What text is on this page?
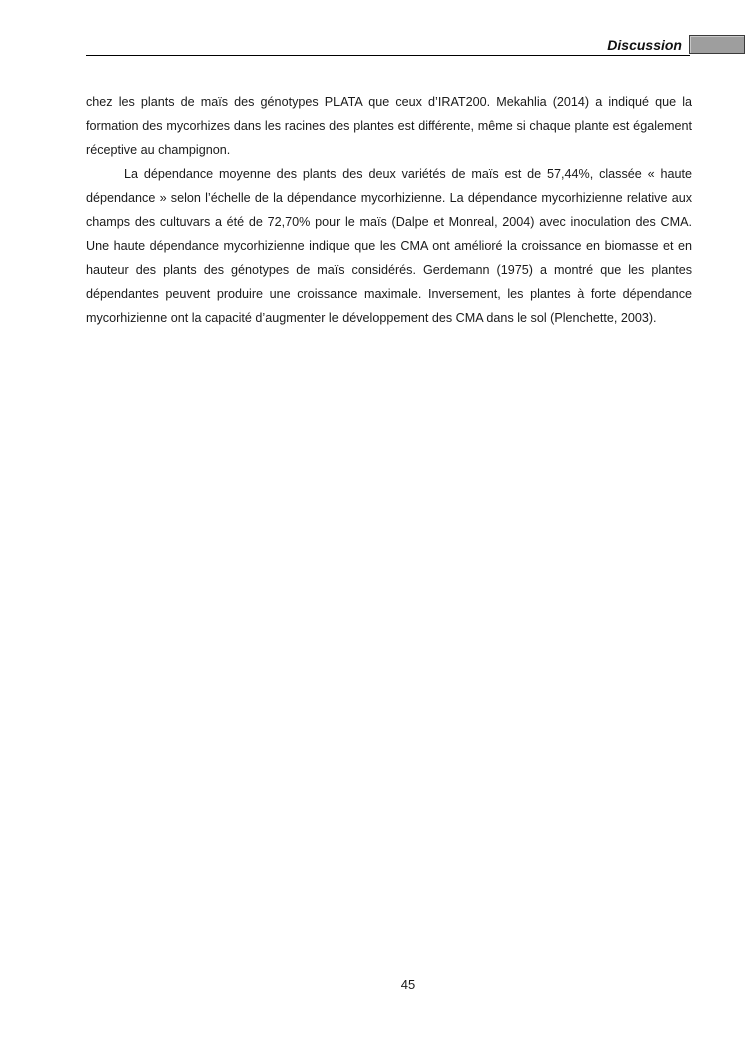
Discussion

chez les plants de maïs des génotypes PLATA que ceux d’IRAT200. Mekahlia (2014) a indiqué que la formation des mycorhizes dans les racines des plantes est différente, même si chaque plante est également réceptive au champignon.

La dépendance moyenne des plants des deux variétés de maïs est de 57,44%, classée « haute dépendance » selon l’échelle de la dépendance mycorhizienne. La dépendance mycorhizienne relative aux champs des cultuvars a été de 72,70% pour le maïs (Dalpe et Monreal, 2004) avec inoculation des CMA. Une haute dépendance mycorhizienne indique que les CMA ont amélioré la croissance en biomasse et en hauteur des plants des génotypes de maïs considérés. Gerdemann (1975) a montré que les plantes dépendantes peuvent produire une croissance maximale. Inversement, les plantes à forte dépendance mycorhizienne ont la capacité d’augmenter le développement des CMA dans le sol (Plenchette, 2003).

45
